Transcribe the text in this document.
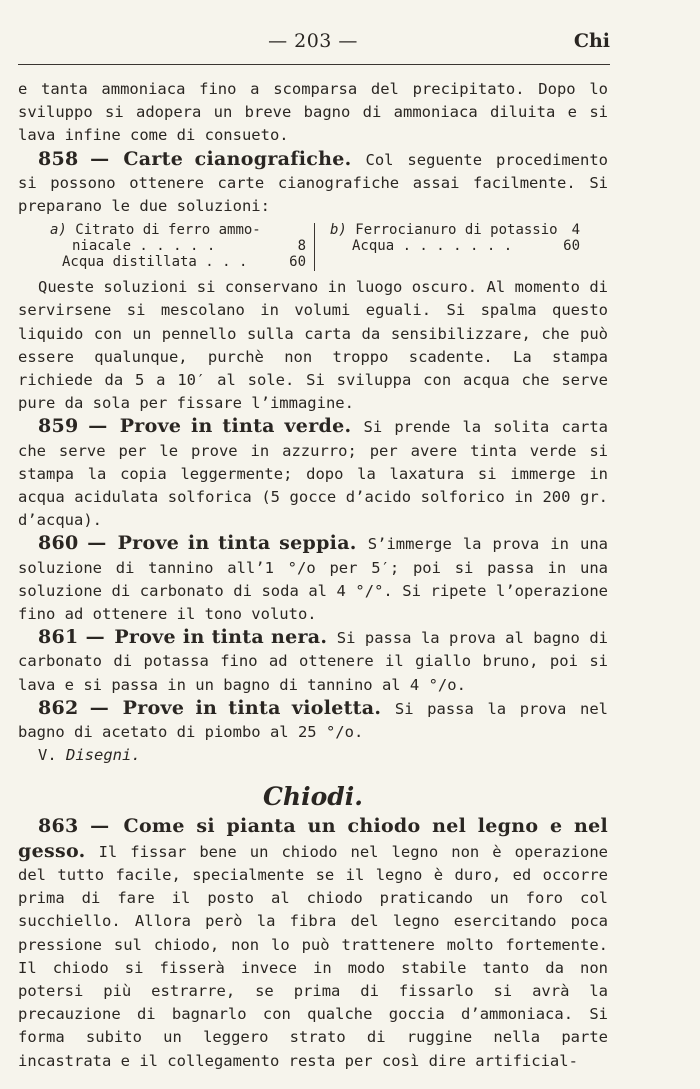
— 203 —	Chi

e tanta ammoniaca fino a scomparsa del precipitato. Dopo lo sviluppo si adopera un breve bagno di ammoniaca diluita e si lava infine come di consueto.

858 — Carte cianografiche. Col seguente procedimento si possono ottenere carte cianografiche assai facilmente. Si preparano le due soluzioni:

a) Citrato di ferro ammo-
niacale . . . . .	8
Acqua distillata . . .	60
b) Ferrocianuro di potassio 4
Acqua . . . . . . .	60

Queste soluzioni si conservano in luogo oscuro. Al momento di servirsene si mescolano in volumi eguali. Si spalma questo liquido con un pennello sulla carta da sensibilizzare, che può essere qualunque, purchè non troppo scadente. La stampa richiede da 5 a 10′ al sole. Si sviluppa con acqua che serve pure da sola per fissare l’immagine.

859 — Prove in tinta verde. Si prende la solita carta che serve per le prove in azzurro; per avere tinta verde si stampa la copia leggermente; dopo la laxatura si immerge in acqua acidulata solforica (5 gocce d’acido solforico in 200 gr. d’acqua).

860 — Prove in tinta seppia. S’immerge la prova in una soluzione di tannino all’1 °/o per 5′; poi si passa in una soluzione di carbonato di soda al 4 °/°. Si ripete l’operazione fino ad ottenere il tono voluto.

861 — Prove in tinta nera. Si passa la prova al bagno di carbonato di potassa fino ad ottenere il giallo bruno, poi si lava e si passa in un bagno di tannino al 4 °/o.

862 — Prove in tinta violetta. Si passa la prova nel bagno di acetato di piombo al 25 °/o.

V. Disegni.

Chiodi.

863 — Come si pianta un chiodo nel legno e nel gesso. Il fissar bene un chiodo nel legno non è operazione del tutto facile, specialmente se il legno è duro, ed occorre prima di fare il posto al chiodo praticando un foro col succhiello. Allora però la fibra del legno esercitando poca pressione sul chiodo, non lo può trattenere molto fortemente. Il chiodo si fisserà invece in modo stabile tanto da non potersi più estrarre, se prima di fissarlo si avrà la precauzione di bagnarlo con qualche goccia d’ammoniaca. Si forma subito un leggero strato di ruggine nella parte incastrata e il collegamento resta per così dire artificial-
